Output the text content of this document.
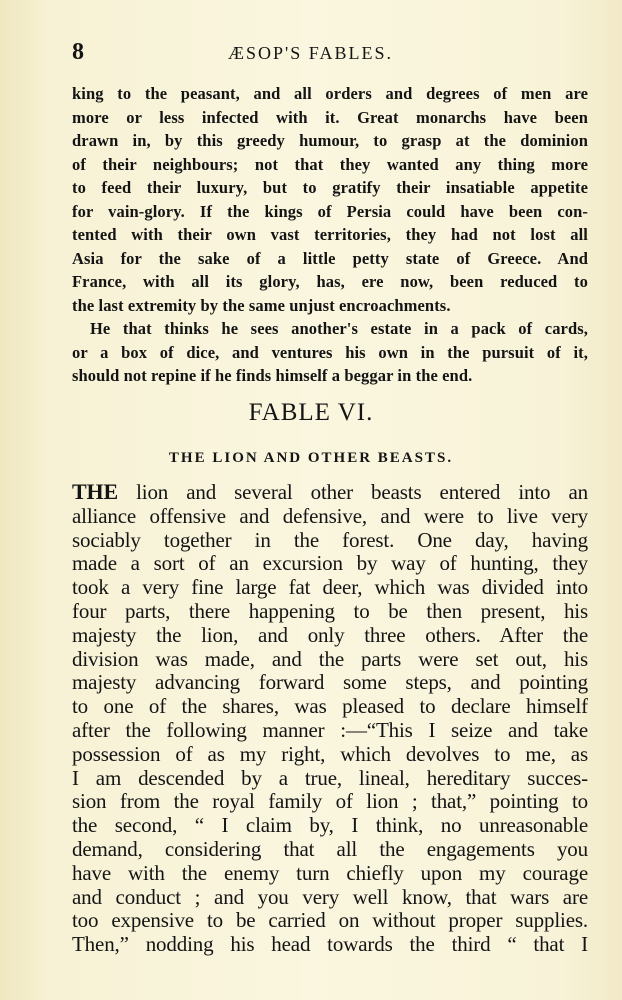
8	ÆSOP'S FABLES.

king to the peasant, and all orders and degrees of men are
more or less infected with it. Great monarchs have been
drawn in, by this greedy humour, to grasp at the dominion
of their neighbours; not that they wanted any thing more
to feed their luxury, but to gratify their insatiable appetite
for vain-glory. If the kings of Persia could have been con-
tented with their own vast territories, they had not lost all
Asia for the sake of a little petty state of Greece. And
France, with all its glory, has, ere now, been reduced to
the last extremity by the same unjust encroachments.

He that thinks he sees another's estate in a pack of cards,
or a box of dice, and ventures his own in the pursuit of it,
should not repine if he finds himself a beggar in the end.

FABLE VI.
THE LION AND OTHER BEASTS.

THE lion and several other beasts entered into an
alliance offensive and defensive, and were to live very
sociably together in the forest. One day, having
made a sort of an excursion by way of hunting, they
took a very fine large fat deer, which was divided into
four parts, there happening to be then present, his
majesty the lion, and only three others. After the
division was made, and the parts were set out, his
majesty advancing forward some steps, and pointing
to one of the shares, was pleased to declare himself
after the following manner :—“This I seize and take
possession of as my right, which devolves to me, as
I am descended by a true, lineal, hereditary succes-
sion from the royal family of lion ; that,” pointing to
the second, “ I claim by, I think, no unreasonable
demand, considering that all the engagements you
have with the enemy turn chiefly upon my courage
and conduct ; and you very well know, that wars are
too expensive to be carried on without proper supplies.
Then,” nodding his head towards the third “ that I
